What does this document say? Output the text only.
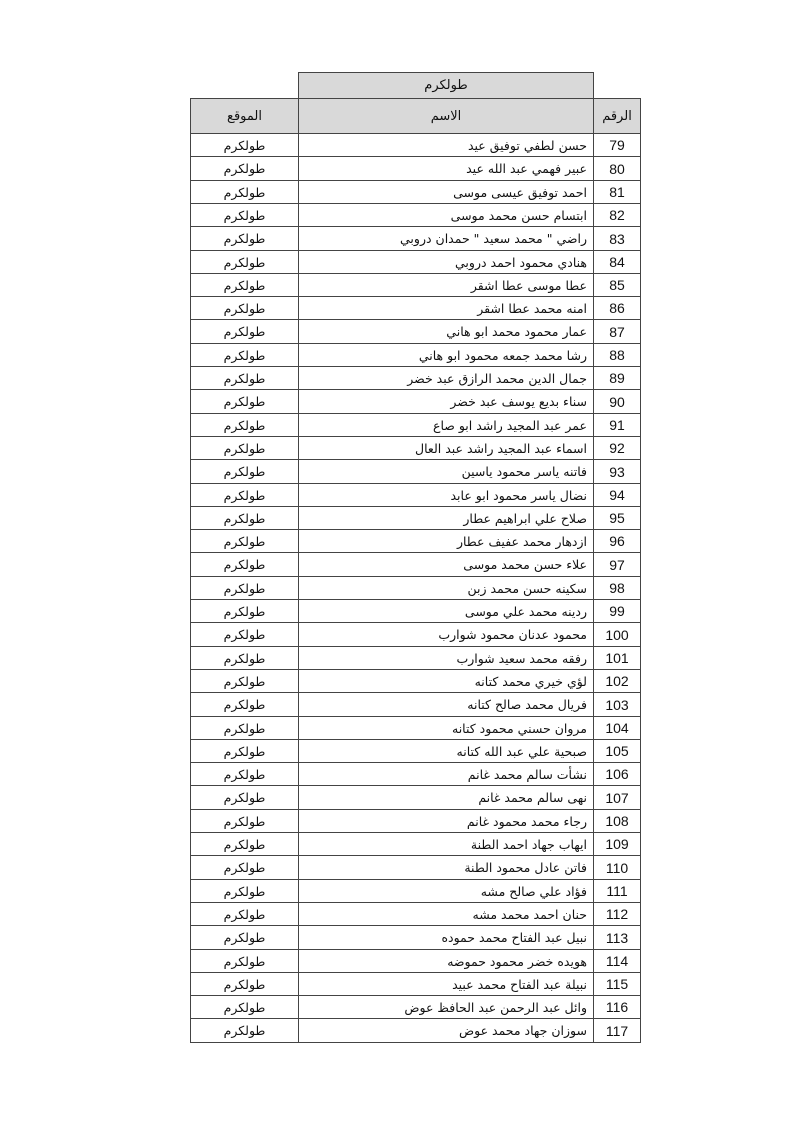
طولكرم
الموقع	الاسم	الرقم
طولكرم	حسن لطفي توفيق عيد 79
طولكرم	عبير فهمي عبد الله عيد 80
طولكرم	احمد توفيق عيسى موسى 81
طولكرم	ابتسام حسن محمد موسى 82
طولكرم	راضي " محمد سعيد " حمدان دروبي 83
طولكرم	هنادي محمود احمد دروبي 84
طولكرم	عطا موسى عطا اشقر 85
طولكرم	امنه محمد عطا اشقر 86
طولكرم	عمار محمود محمد ابو هاني 87
طولكرم	رشا محمد جمعه محمود ابو هاني 88
طولكرم	جمال الدين محمد الرازق عبد خضر 89
طولكرم	سناء بديع يوسف عبد خضر 90
طولكرم	عمر عبد المجيد راشد ابو صاع 91
طولكرم	اسماء عبد المجيد راشد عبد العال 92
طولكرم	فاتنه ياسر محمود ياسين 93
طولكرم	نضال ياسر محمود ابو عابد 94
طولكرم	صلاح علي ابراهيم عطار 95
طولكرم	ازدهار محمد عفيف عطار 96
طولكرم	علاء حسن محمد موسى 97
طولكرم	سكينه حسن محمد زبن 98
طولكرم	ردينه محمد علي موسى 99
طولكرم	محمود عدنان محمود شوارب 100
طولكرم	رفقه محمد سعيد شوارب 101
طولكرم	لؤي خيري محمد كتانه 102
طولكرم	فريال محمد صالح كتانه 103
طولكرم	مروان حسني محمود كتانه 104
طولكرم	صبحية علي عبد الله كتانه 105
طولكرم	نشأت سالم محمد غانم 106
طولكرم	نهى سالم محمد غانم 107
طولكرم	رجاء محمد محمود غانم 108
طولكرم	ايهاب جهاد احمد الطنة 109
طولكرم	فاتن عادل محمود الطنة 110
طولكرم	فؤاد علي صالح مشه 111
طولكرم	حنان احمد محمد مشه 112
طولكرم	نبيل عبد الفتاح محمد حموده 113
طولكرم	هويده خضر محمود حموضه 114
طولكرم	نبيلة عبد الفتاح محمد عبيد 115
طولكرم	وائل عبد الرحمن عبد الحافظ عوض 116
طولكرم	سوزان جهاد محمد عوض 117
